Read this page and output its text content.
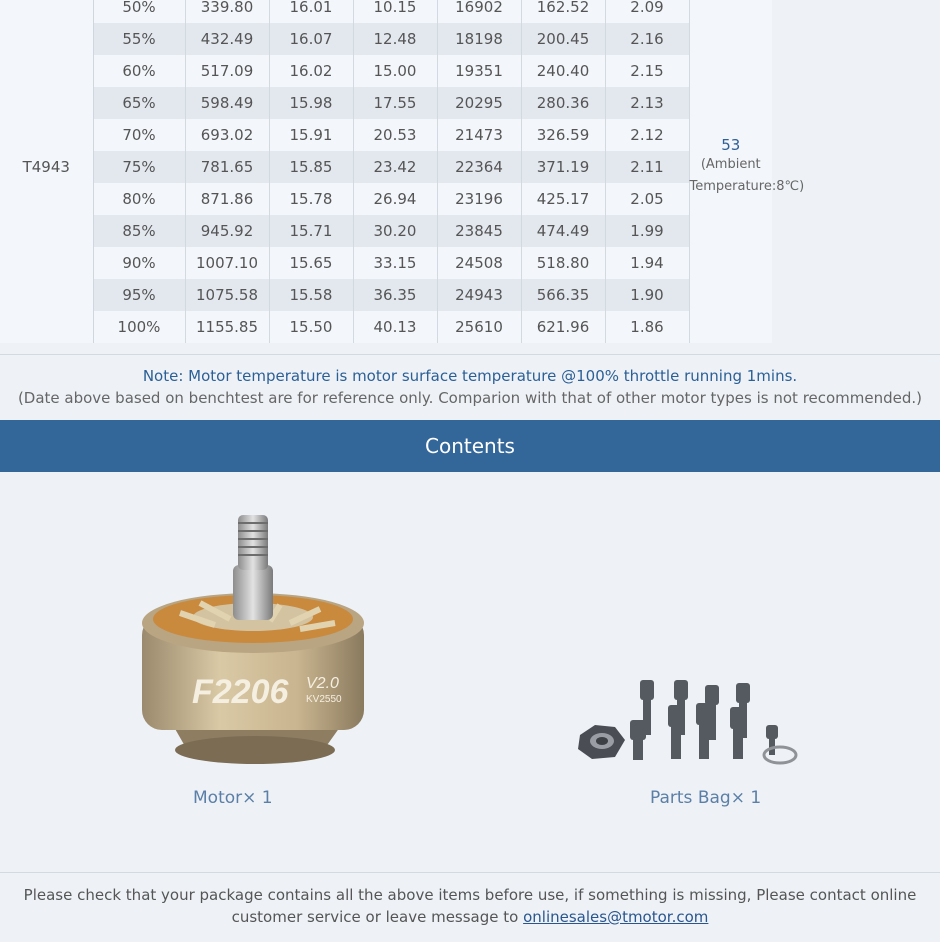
T4943	50%	339.80	16.01	10.15	16902	162.52	2.09	53
(Ambient
Temperature:8℃)

	55%	432.49	16.07	12.48	18198	200.45	2.16	
	60%	517.09	16.02	15.00	19351	240.40	2.15	
	65%	598.49	15.98	17.55	20295	280.36	2.13	
	70%	693.02	15.91	20.53	21473	326.59	2.12	
	75%	781.65	15.85	23.42	22364	371.19	2.11	
	80%	871.86	15.78	26.94	23196	425.17	2.05	
	85%	945.92	15.71	30.20	23845	474.49	1.99	
	90%	1007.10	15.65	33.15	24508	518.80	1.94	
	95%	1075.58	15.58	36.35	24943	566.35	1.90	
	100%	1155.85	15.50	40.13	25610	621.96	1.86	
Note: Motor temperature is motor surface temperature @100% throttle running 1mins.
(Date above based on benchtest are for reference only. Comparion with that of other motor types is not recommended.)
Contents
F2206 V2.0
KV2550
Motor× 1	Parts Bag× 1
Please check that your package contains all the above items before use, if something is missing, Please contact online
customer service or leave message to onlinesales@tmotor.com
